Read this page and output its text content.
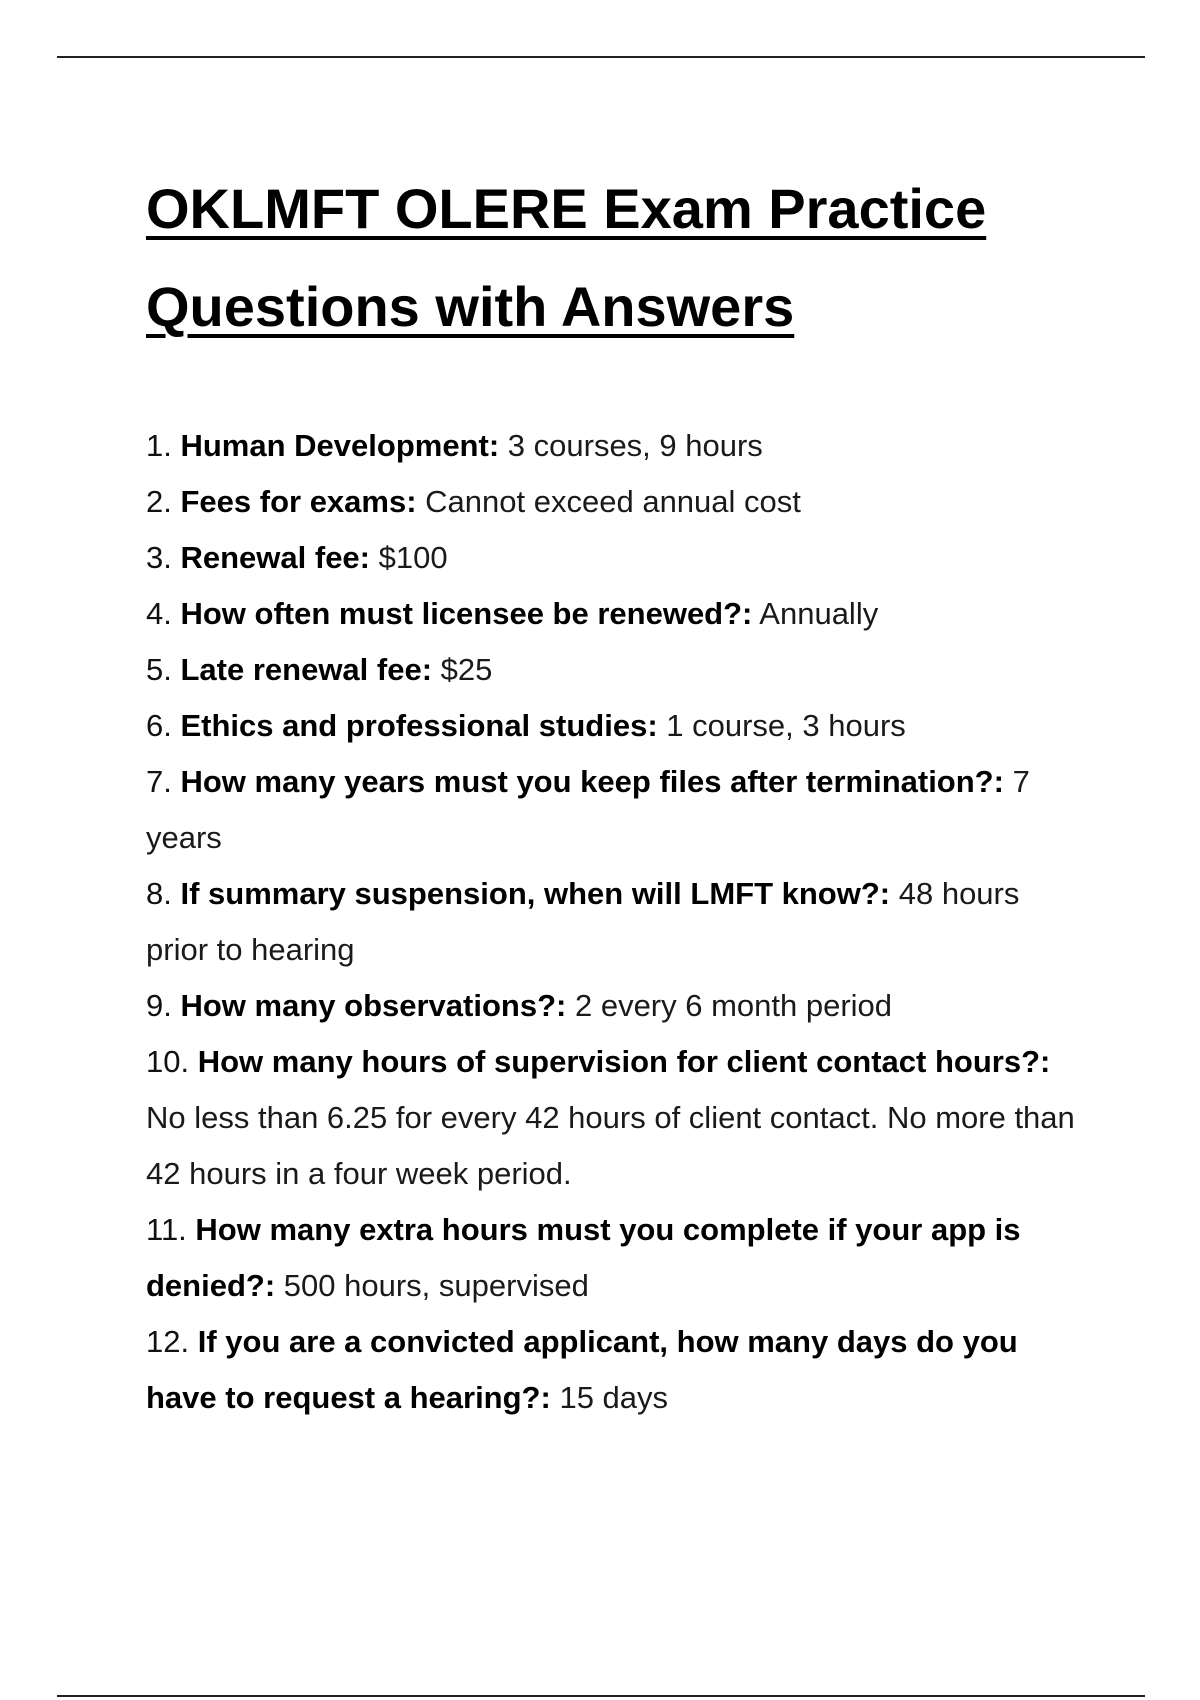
OKLMFT OLERE Exam Practice
Questions with Answers
1. Human Development: 3 courses, 9 hours
2. Fees for exams: Cannot exceed annual cost
3. Renewal fee: $100
4. How often must licensee be renewed?: Annually
5. Late renewal fee: $25
6. Ethics and professional studies: 1 course, 3 hours
7. How many years must you keep files after termination?: 7 years
8. If summary suspension, when will LMFT know?: 48 hours prior to hearing
9. How many observations?: 2 every 6 month period
10. How many hours of supervision for client contact hours?: No less than 6.25 for every 42 hours of client contact. No more than 42 hours in a four week period.
11. How many extra hours must you complete if your app is denied?: 500 hours, supervised
12. If you are a convicted applicant, how many days do you have to request a hearing?: 15 days
